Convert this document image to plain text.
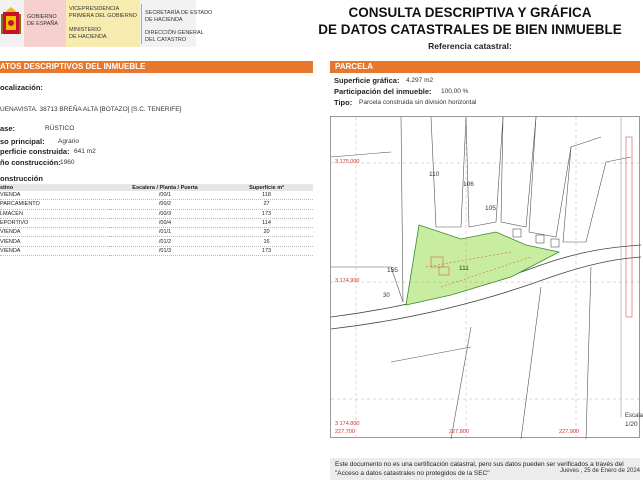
GOBIERNO
DE ESPAÑA
VICEPRESIDENCIA
PRIMERA DEL GOBIERNO
MINISTERIO
DE HACIENDA
SECRETARÍA DE ESTADO
DE HACIENDA
DIRECCIÓN GENERAL
DEL CATASTRO
CONSULTA DESCRIPTIVA Y GRÁFICA
DE DATOS CATASTRALES DE BIEN INMUEBLE
Referencia catastral:
ATOS DESCRIPTIVOS DEL INMUEBLE
ocalización:
UENAVISTA. 38713 BREÑA ALTA [BOTAZO] [S.C. TENERIFE]
ase:	RÚSTICO
so principal: Agrario
perficie construida: 641 m2
ño construcción: 1960
onstrucción
stino	Escalera / Planta / Puerta	Superficie m²
VIENDA	/00/1	118
PARCAMIENTO	/00/2	27
LMACEN	/00/3	173
EPORTIVO	/00/4	114
VIENDA	/01/1	20
VIENDA	/01/2	16
VIENDA	/01/3	173
PARCELA
Superficie gráfica: 4.297 m2
Participación del inmueble: 100,00 %
Tipo: Parcela construida sin división horizontal
3 175.000
3 174.900
3 174.800
227.700	227.800	227.900
110
106
105
111
155
30
Escala
1/20
Este documento no es una certificación catastral, pero sus datos pueden ser verificados a través del "Acceso a datos catastrales no protegidos de la SEC"	Jueves , 25 de Enero de 2024
